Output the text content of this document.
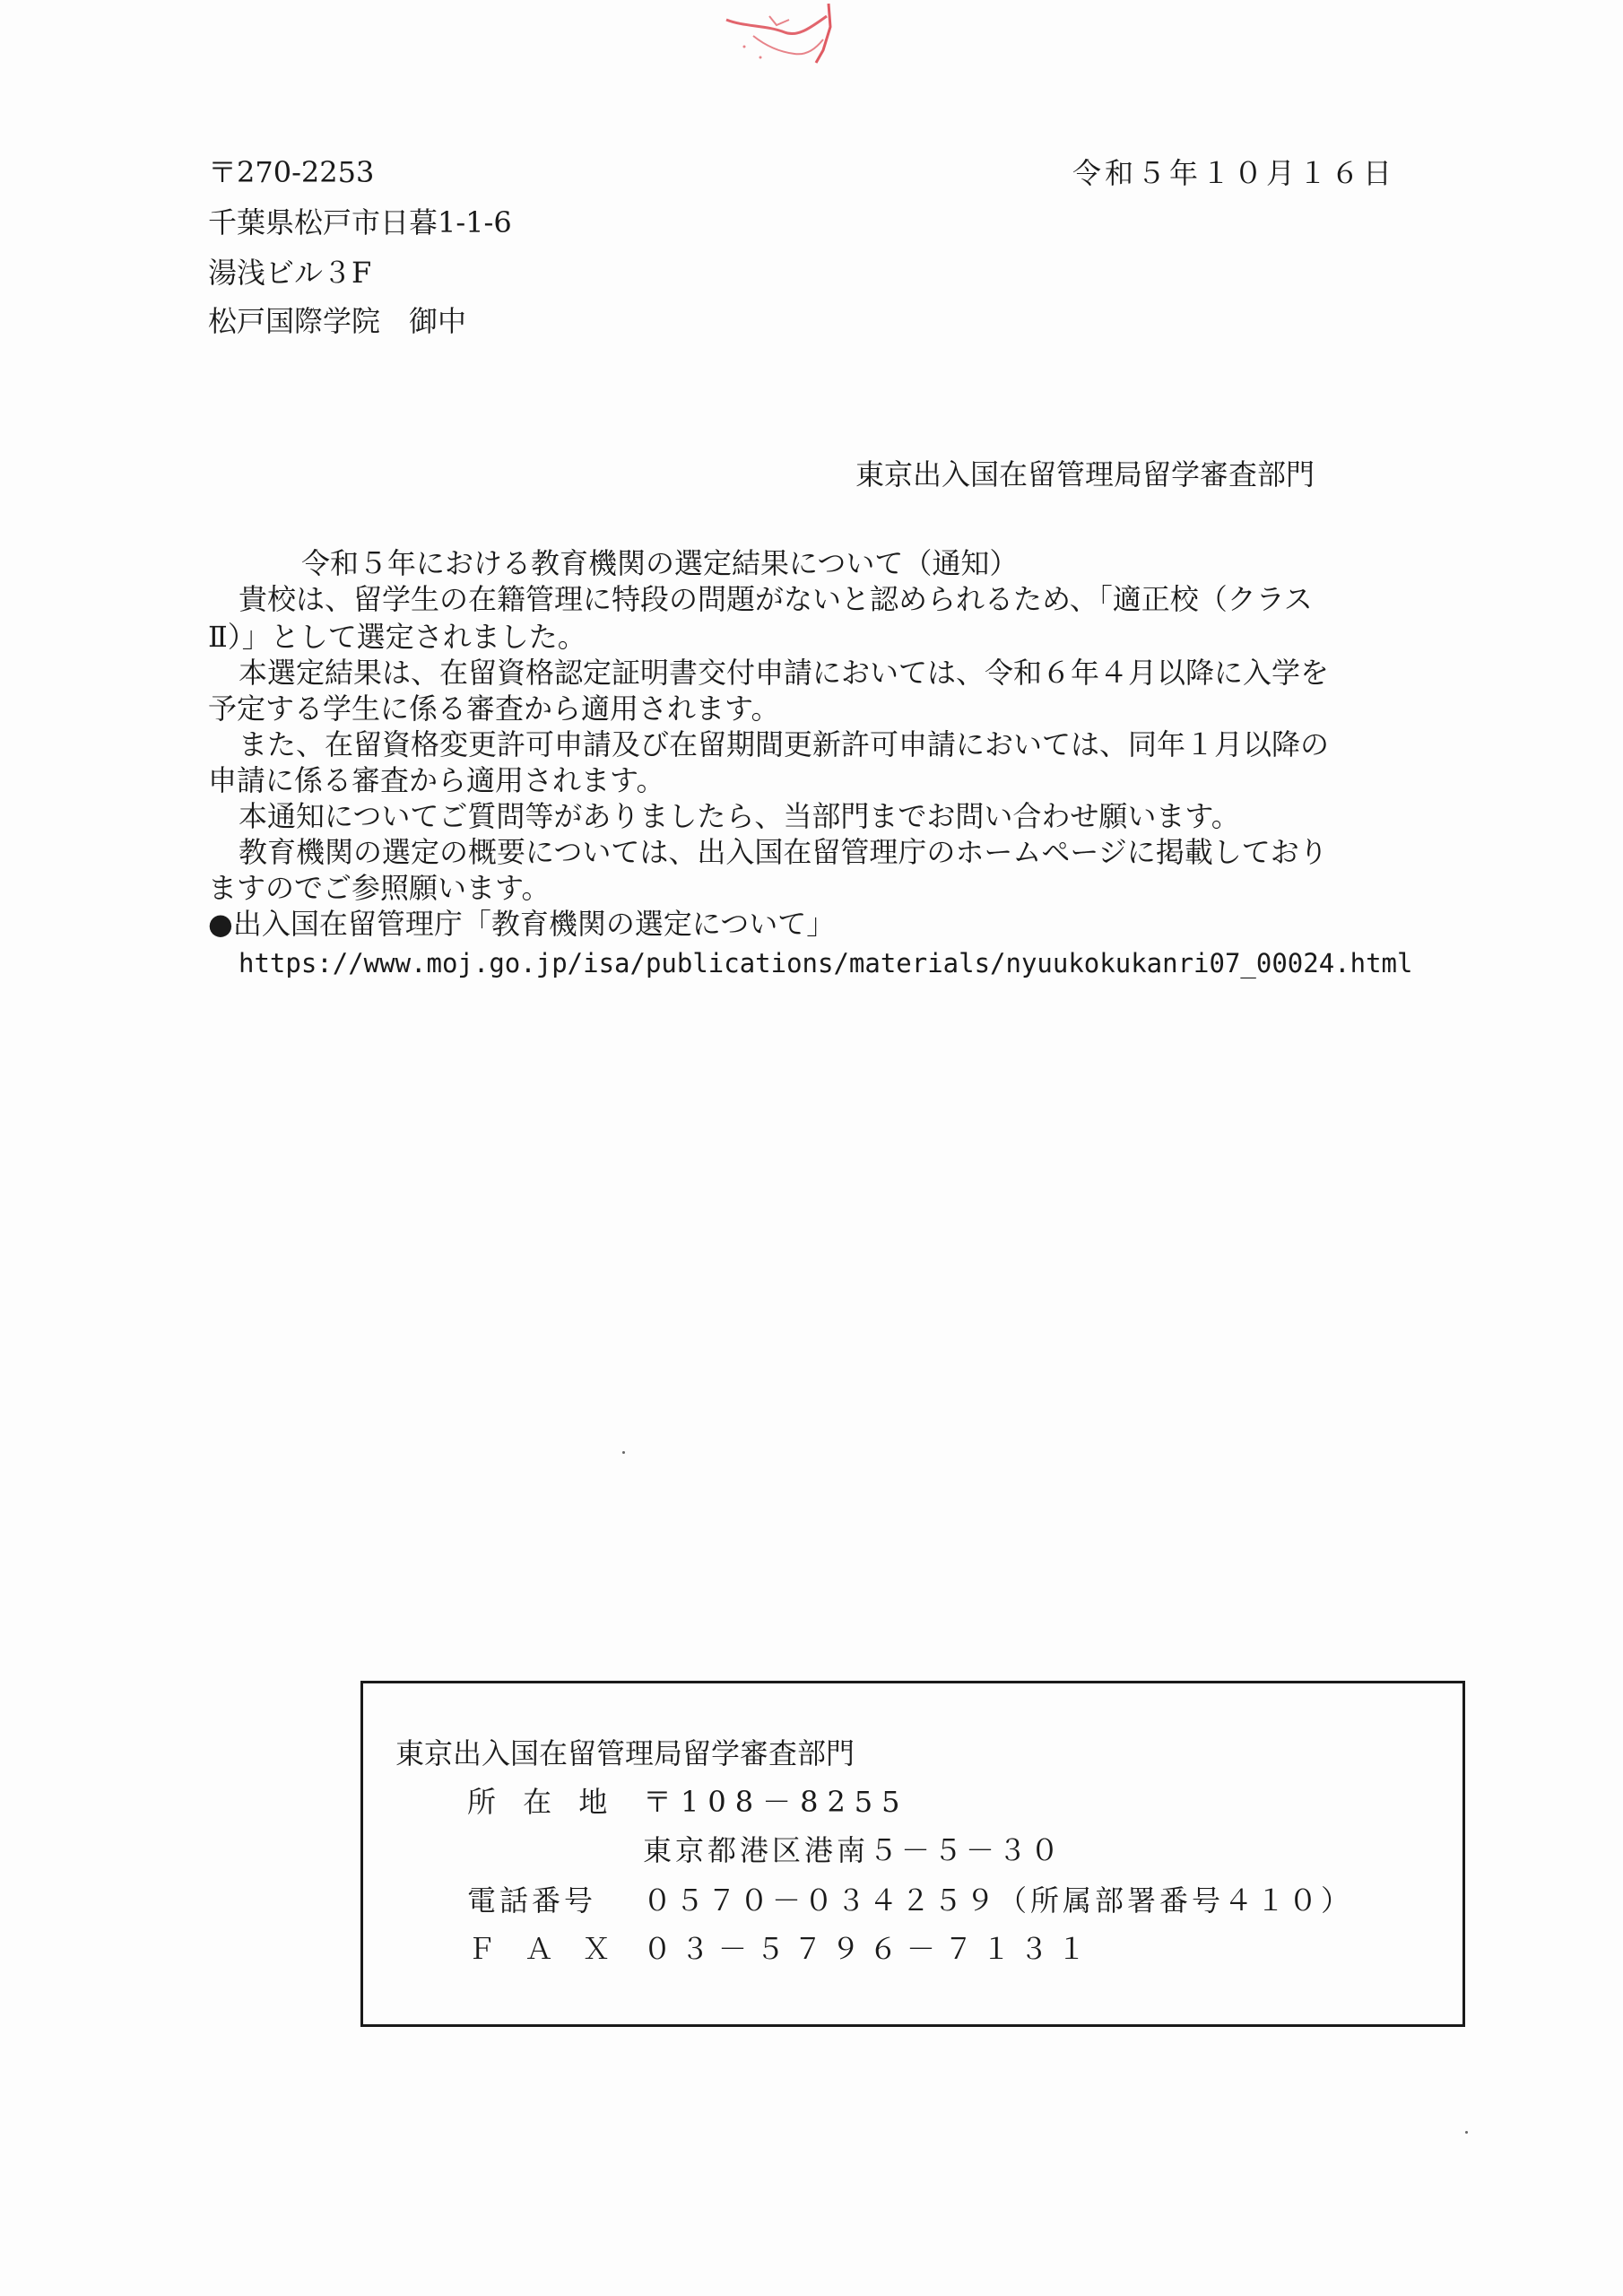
〒270-2253
千葉県松戸市日暮1-1-6
湯浅ビル３F
松戸国際学院　御中
令和５年１０月１６日
東京出入国在留管理局留学審査部門
令和５年における教育機関の選定結果について（通知）
貴校は、留学生の在籍管理に特段の問題がないと認められるため、「適正校（クラス
Ⅱ）」として選定されました。
本選定結果は、在留資格認定証明書交付申請においては、令和６年４月以降に入学を
予定する学生に係る審査から適用されます。
また、在留資格変更許可申請及び在留期間更新許可申請においては、同年１月以降の
申請に係る審査から適用されます。
本通知についてご質問等がありましたら、当部門までお問い合わせ願います。
教育機関の選定の概要については、出入国在留管理庁のホームページに掲載しており
ますのでご参照願います。
●出入国在留管理庁「教育機関の選定について」
https://www.moj.go.jp/isa/publications/materials/nyuukokukanri07_00024.html
東京出入国在留管理局留学審査部門
所 在 地 〒108－8255
東京都港区港南５－５－３０
電話番号 ０５７０－０３４２５９（所属部署番号４１０）
ＦＡＸ ０３－５７９６－７１３１
